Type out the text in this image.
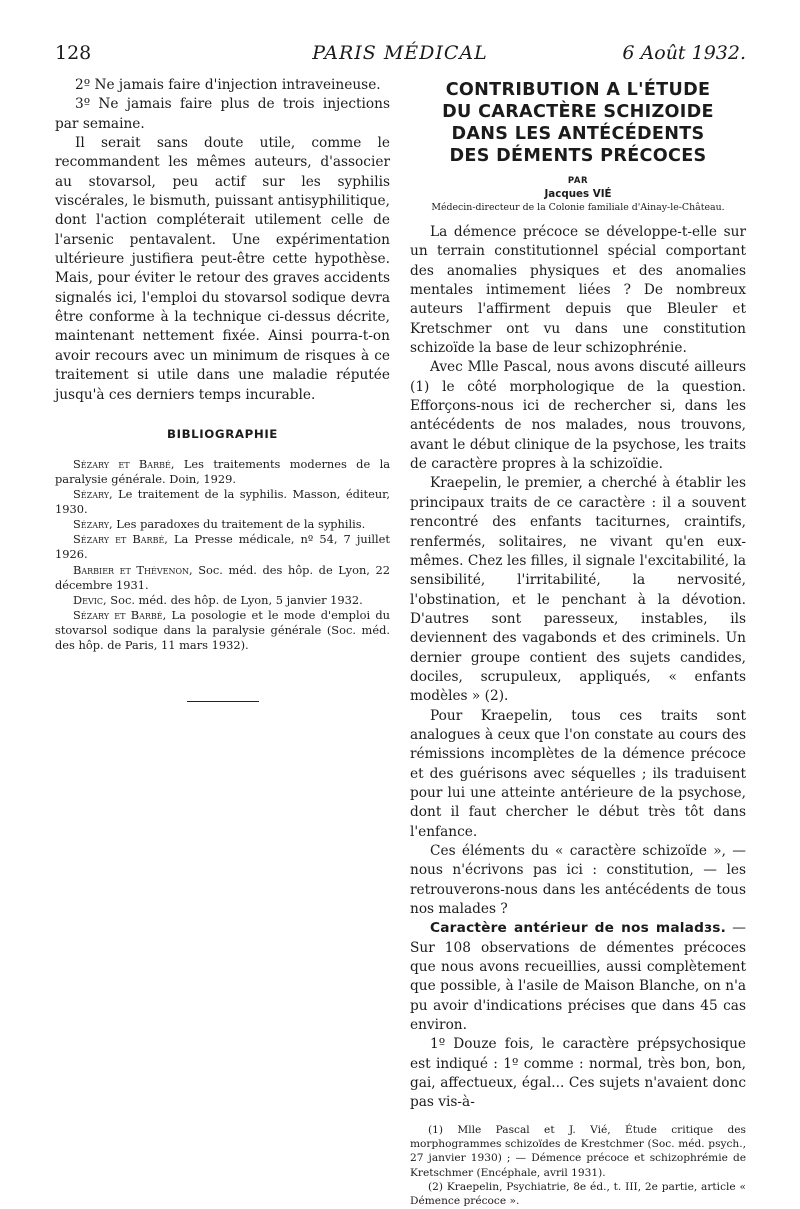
128	PARIS MÉDICAL	6 Août 1932.

2º Ne jamais faire d'injection intraveineuse.

3º Ne jamais faire plus de trois injections par semaine.

Il serait sans doute utile, comme le recommandent les mêmes auteurs, d'associer au stovarsol, peu actif sur les syphilis viscérales, le bismuth, puissant antisyphilitique, dont l'action compléterait utilement celle de l'arsenic pentavalent. Une expérimentation ultérieure justifiera peut-être cette hypothèse. Mais, pour éviter le retour des graves accidents signalés ici, l'emploi du stovarsol sodique devra être conforme à la technique ci-dessus décrite, maintenant nettement fixée. Ainsi pourra-t-on avoir recours avec un minimum de risques à ce traitement si utile dans une maladie réputée jusqu'à ces derniers temps incurable.

BIBLIOGRAPHIE

Sézary et Barbé, Les traitements modernes de la paralysie générale. Doin, 1929.

Sézary, Le traitement de la syphilis. Masson, éditeur, 1930.

Sézary, Les paradoxes du traitement de la syphilis.

Sézary et Barbé, La Presse médicale, nº 54, 7 juillet 1926.

Barbier et Thévenon, Soc. méd. des hôp. de Lyon, 22 décembre 1931.

Devic, Soc. méd. des hôp. de Lyon, 5 janvier 1932.

Sézary et Barbé, La posologie et le mode d'emploi du stovarsol sodique dans la paralysie générale (Soc. méd. des hôp. de Paris, 11 mars 1932).

CONTRIBUTION A L'ÉTUDE

DU CARACTÈRE SCHIZOIDE

DANS LES ANTÉCÉDENTS

DES DÉMENTS PRÉCOCES

PAR
Jacques VIÉ
Médecin-directeur de la Colonie familiale d'Ainay-le-Château.

La démence précoce se développe-t-elle sur un terrain constitutionnel spécial comportant des anomalies physiques et des anomalies mentales intimement liées ? De nombreux auteurs l'affirment depuis que Bleuler et Kretschmer ont vu dans une constitution schizoïde la base de leur schizophrénie.

Avec Mlle Pascal, nous avons discuté ailleurs (1) le côté morphologique de la question. Efforçons-nous ici de rechercher si, dans les antécédents de nos malades, nous trouvons, avant le début clinique de la psychose, les traits de caractère propres à la schizoïdie.

Kraepelin, le premier, a cherché à établir les principaux traits de ce caractère : il a souvent rencontré des enfants taciturnes, craintifs, renfermés, solitaires, ne vivant qu'en eux-mêmes. Chez les filles, il signale l'excitabilité, la sensibilité, l'irritabilité, la nervosité, l'obstination, et le penchant à la dévotion. D'autres sont paresseux, instables, ils deviennent des vagabonds et des criminels. Un dernier groupe contient des sujets candides, dociles, scrupuleux, appliqués, « enfants modèles » (2).

Pour Kraepelin, tous ces traits sont analogues à ceux que l'on constate au cours des rémissions incomplètes de la démence précoce et des guérisons avec séquelles ; ils traduisent pour lui une atteinte antérieure de la psychose, dont il faut chercher le début très tôt dans l'enfance.

Ces éléments du « caractère schizoïde », — nous n'écrivons pas ici : constitution, — les retrouverons-nous dans les antécédents de tous nos malades ?

Caractère antérieur de nos maladзs. — Sur 108 observations de démentes précoces que nous avons recueillies, aussi complètement que possible, à l'asile de Maison Blanche, on n'a pu avoir d'indications précises que dans 45 cas environ.

1º Douze fois, le caractère prépsychosique est indiqué : 1º comme : normal, très bon, bon, gai, affectueux, égal... Ces sujets n'avaient donc pas vis-à-

(1) Mlle Pascal et J. Vié, Étude critique des morphogrammes schizoïdes de Krestchmer (Soc. méd. psych., 27 janvier 1930) ; — Démence précoce et schizophrémie de Kretschmer (Encéphale, avril 1931).

(2) Kraepelin, Psychiatrie, 8e éd., t. III, 2e partie, article « Démence précoce ».
